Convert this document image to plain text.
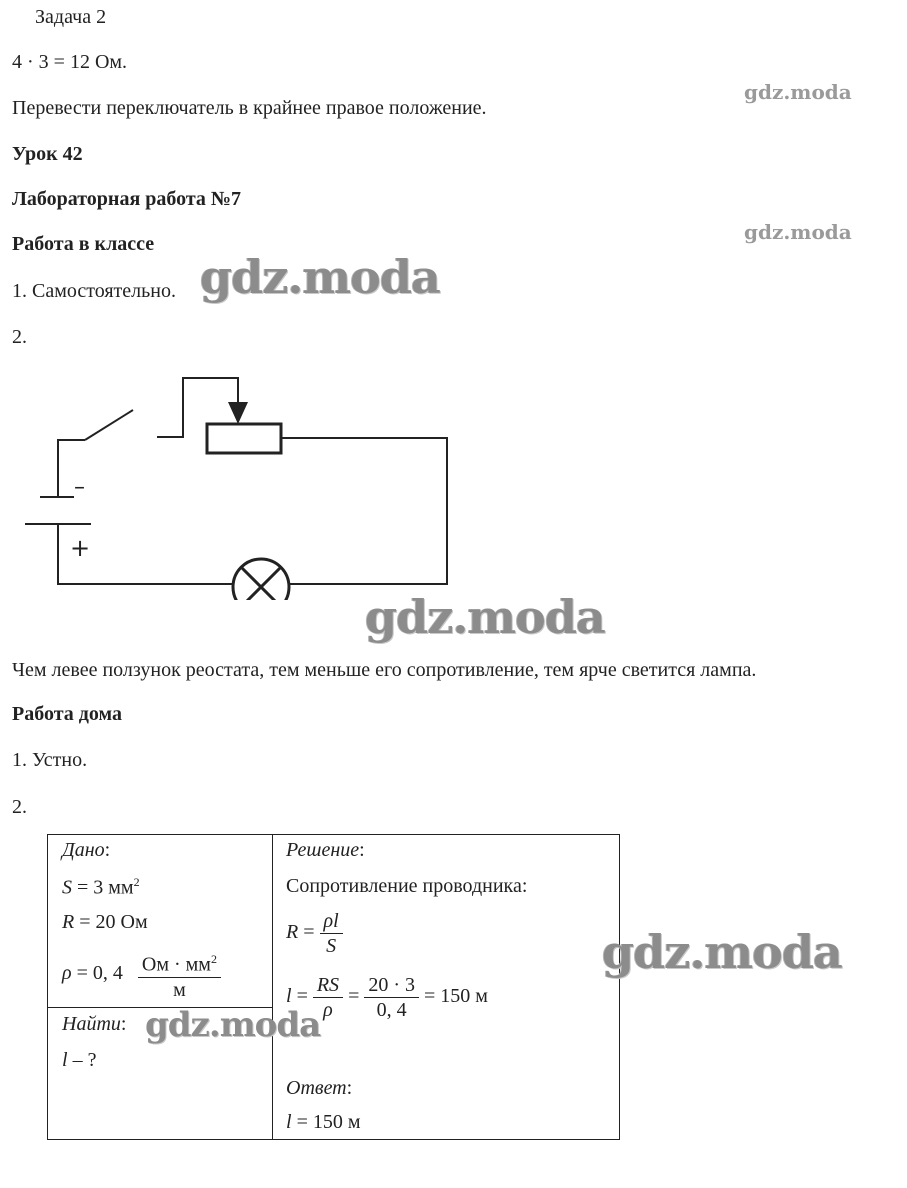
Задача 2
4 · 3 = 12 Ом.
Перевести переключатель в крайнее правое положение.
Урок 42
Лабораторная работа №7
Работа в классе
1. Самостоятельно.
2.
gdz.moda
gdz.moda
gdz.moda
–
+
gdz.moda
Чем левее ползунок реостата, тем меньше его сопротивление, тем ярче светится лампа.
Работа дома
1. Устно.
2.
Дано:
S = 3 $мм^2$
R = 20 Ом
ρ = 0, $4 \frac{Ом \cdot мм^2}{м}$
Найти:
l – ?
Решение:
Сопротивление проводника:
$R = \frac{\rho l}{S}$
$l = \frac{RS}{\rho} = \frac{20 \cdot 3}{0, 4} = 150$ м
Ответ:
l = 150 м
gdz.moda
gdz.moda
